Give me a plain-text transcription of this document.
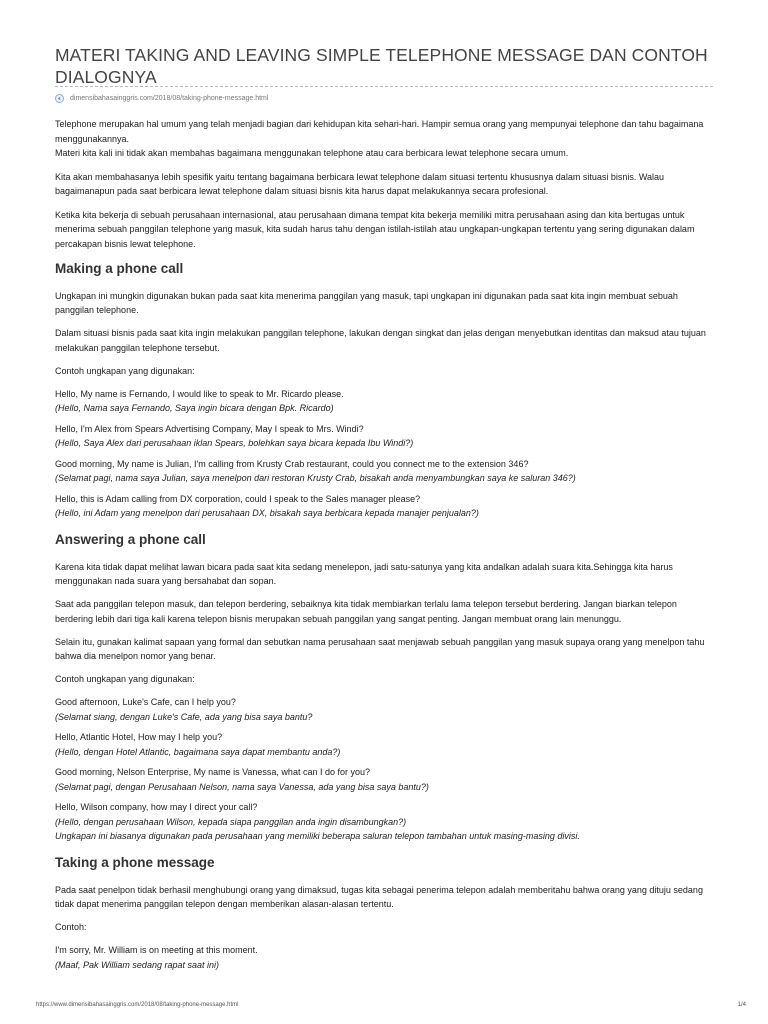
MATERI TAKING AND LEAVING SIMPLE TELEPHONE MESSAGE DAN CONTOH DIALOGNYA
dimensibahasainggris.com/2018/08/taking-phone-message.html

Telephone merupakan hal umum yang telah menjadi bagian dari kehidupan kita sehari-hari. Hampir semua orang yang mempunyai telephone dan tahu bagaimana menggunakannya.
Materi kita kali ini tidak akan membahas bagaimana menggunakan telephone atau cara berbicara lewat telephone secara umum.

Kita akan membahasanya lebih spesifik yaitu tentang bagaimana berbicara lewat telephone dalam situasi tertentu khususnya dalam situasi bisnis. Walau bagaimanapun pada saat berbicara lewat telephone dalam situasi bisnis kita harus dapat melakukannya secara profesional.

Ketika kita bekerja di sebuah perusahaan internasional, atau perusahaan dimana tempat kita bekerja memiliki mitra perusahaan asing dan kita bertugas untuk menerima sebuah panggilan telephone yang masuk, kita sudah harus tahu dengan istilah-istilah atau ungkapan-ungkapan tertentu yang sering digunakan dalam percakapan bisnis lewat telephone.

Making a phone call

Ungkapan ini mungkin digunakan bukan pada saat kita menerima panggilan yang masuk, tapi ungkapan ini digunakan pada saat kita ingin membuat sebuah panggilan telephone.

Dalam situasi bisnis pada saat kita ingin melakukan panggilan telephone, lakukan dengan singkat dan jelas dengan menyebutkan identitas dan maksud atau tujuan melakukan panggilan telephone tersebut.

Contoh ungkapan yang digunakan:

Hello, My name is Fernando, I would like to speak to Mr. Ricardo please.
(Hello, Nama saya Fernando, Saya ingin bicara dengan Bpk. Ricardo)

Hello, I'm Alex from Spears Advertising Company, May I speak to Mrs. Windi?
(Hello, Saya Alex dari perusahaan iklan Spears, bolehkan saya bicara kepada Ibu Windi?)

Good morning, My name is Julian, I'm calling from Krusty Crab restaurant, could you connect me to the extension 346?
(Selamat pagi, nama saya Julian, saya menelpon dari restoran Krusty Crab, bisakah anda menyambungkan saya ke saluran 346?)

Hello, this is Adam calling from DX corporation, could I speak to the Sales manager please?
(Hello, ini Adam yang menelpon dari perusahaan DX, bisakah saya berbicara kepada manajer penjualan?)

Answering a phone call

Karena kita tidak dapat melihat lawan bicara pada saat kita sedang menelepon, jadi satu-satunya yang kita andalkan adalah suara kita.Sehingga kita harus menggunakan nada suara yang bersahabat dan sopan.

Saat ada panggilan telepon masuk, dan telepon berdering, sebaiknya kita tidak membiarkan terlalu lama telepon tersebut berdering. Jangan biarkan telepon berdering lebih dari tiga kali karena telepon bisnis merupakan sebuah panggilan yang sangat penting. Jangan membuat orang lain menunggu.

Selain itu, gunakan kalimat sapaan yang formal dan sebutkan nama perusahaan saat menjawab sebuah panggilan yang masuk supaya orang yang menelpon tahu bahwa dia menelpon nomor yang benar.

Contoh ungkapan yang digunakan:

Good afternoon, Luke's Cafe, can I help you?
(Selamat siang, dengan Luke's Cafe, ada yang bisa saya bantu?

Hello, Atlantic Hotel, How may I help you?
(Hello, dengan Hotel Atlantic, bagaimana saya dapat membantu anda?)

Good morning, Nelson Enterprise, My name is Vanessa, what can I do for you?
(Selamat pagi, dengan Perusahaan Nelson, nama saya Vanessa, ada yang bisa saya bantu?)

Hello, Wilson company, how may I direct your call?
(Hello, dengan perusahaan Wilson, kepada siapa panggilan anda ingin disambungkan?)
Ungkapan ini biasanya digunakan pada perusahaan yang memiliki beberapa saluran telepon tambahan untuk masing-masing divisi.

Taking a phone message

Pada saat penelpon tidak berhasil menghubungi orang yang dimaksud, tugas kita sebagai penerima telepon adalah memberitahu bahwa orang yang dituju sedang tidak dapat menerima panggilan telepon dengan memberikan alasan-alasan tertentu.

Contoh:

I'm sorry, Mr. William is on meeting at this moment.
(Maaf, Pak William sedang rapat saat ini)

https://www.dimensibahasainggris.com/2018/08/taking-phone-message.html	1/4
